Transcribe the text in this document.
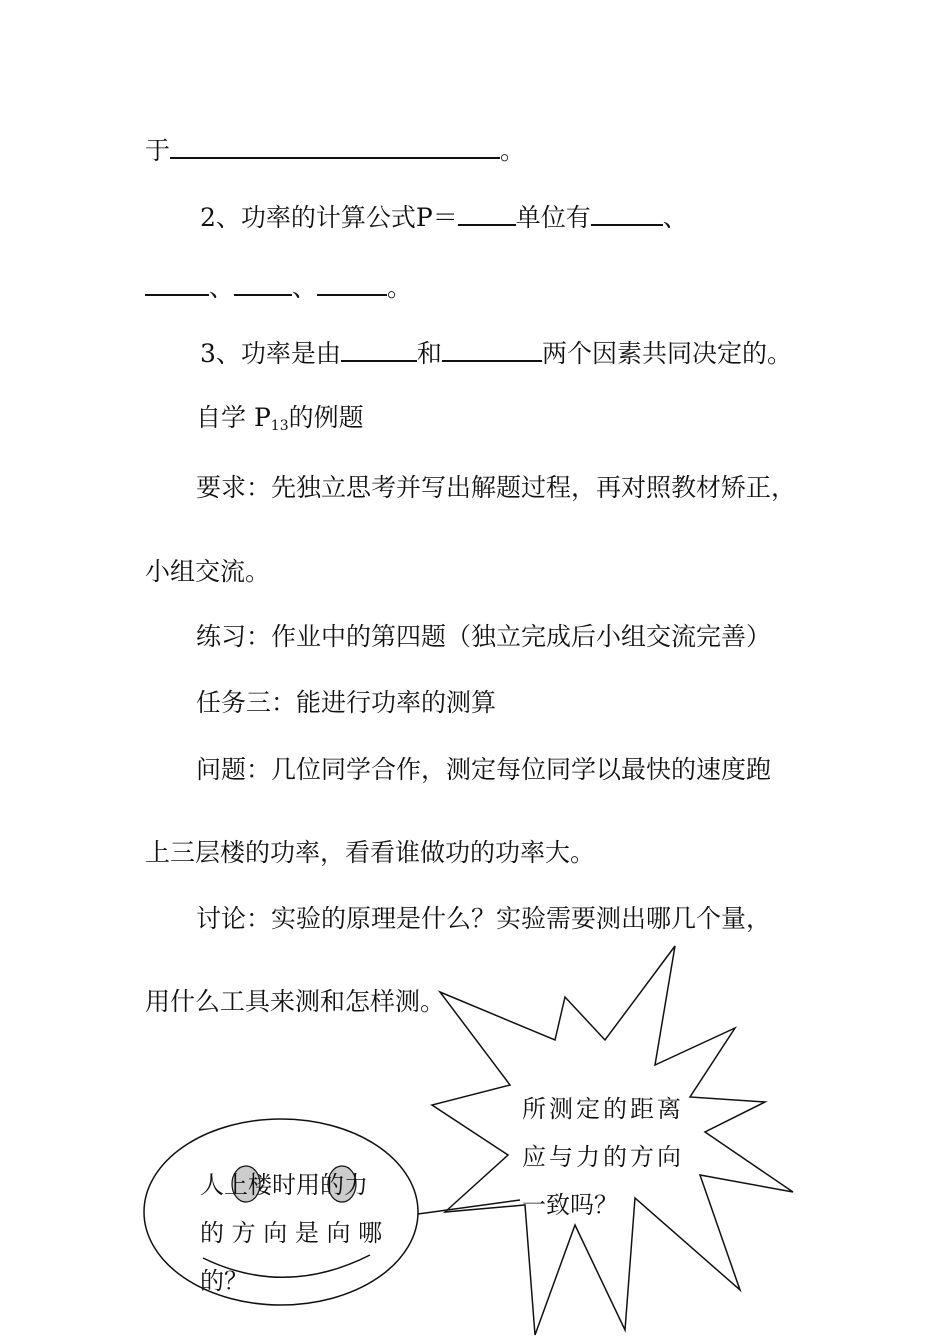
于	。
2、功率的计算公式P＝ 单位有	、
、 、	。
3、功率是由	和	两个因素共同决定的。
自学 $P_{13}$的例题
要求：先独立思考并写出解题过程，再对照教材矫正，
小组交流。
练习：作业中的第四题（独立完成后小组交流完善）
任务三：能进行功率的测算
问题：几位同学合作，测定每位同学以最快的速度跑
上三层楼的功率，看看谁做功的功率大。
讨论：实验的原理是什么？实验需要测出哪几个量，
用什么工具来测和怎样测。
所测定的距离
应与力的方向
一致吗？
人上楼时用的力
的 方 向 是 向 哪
的？
